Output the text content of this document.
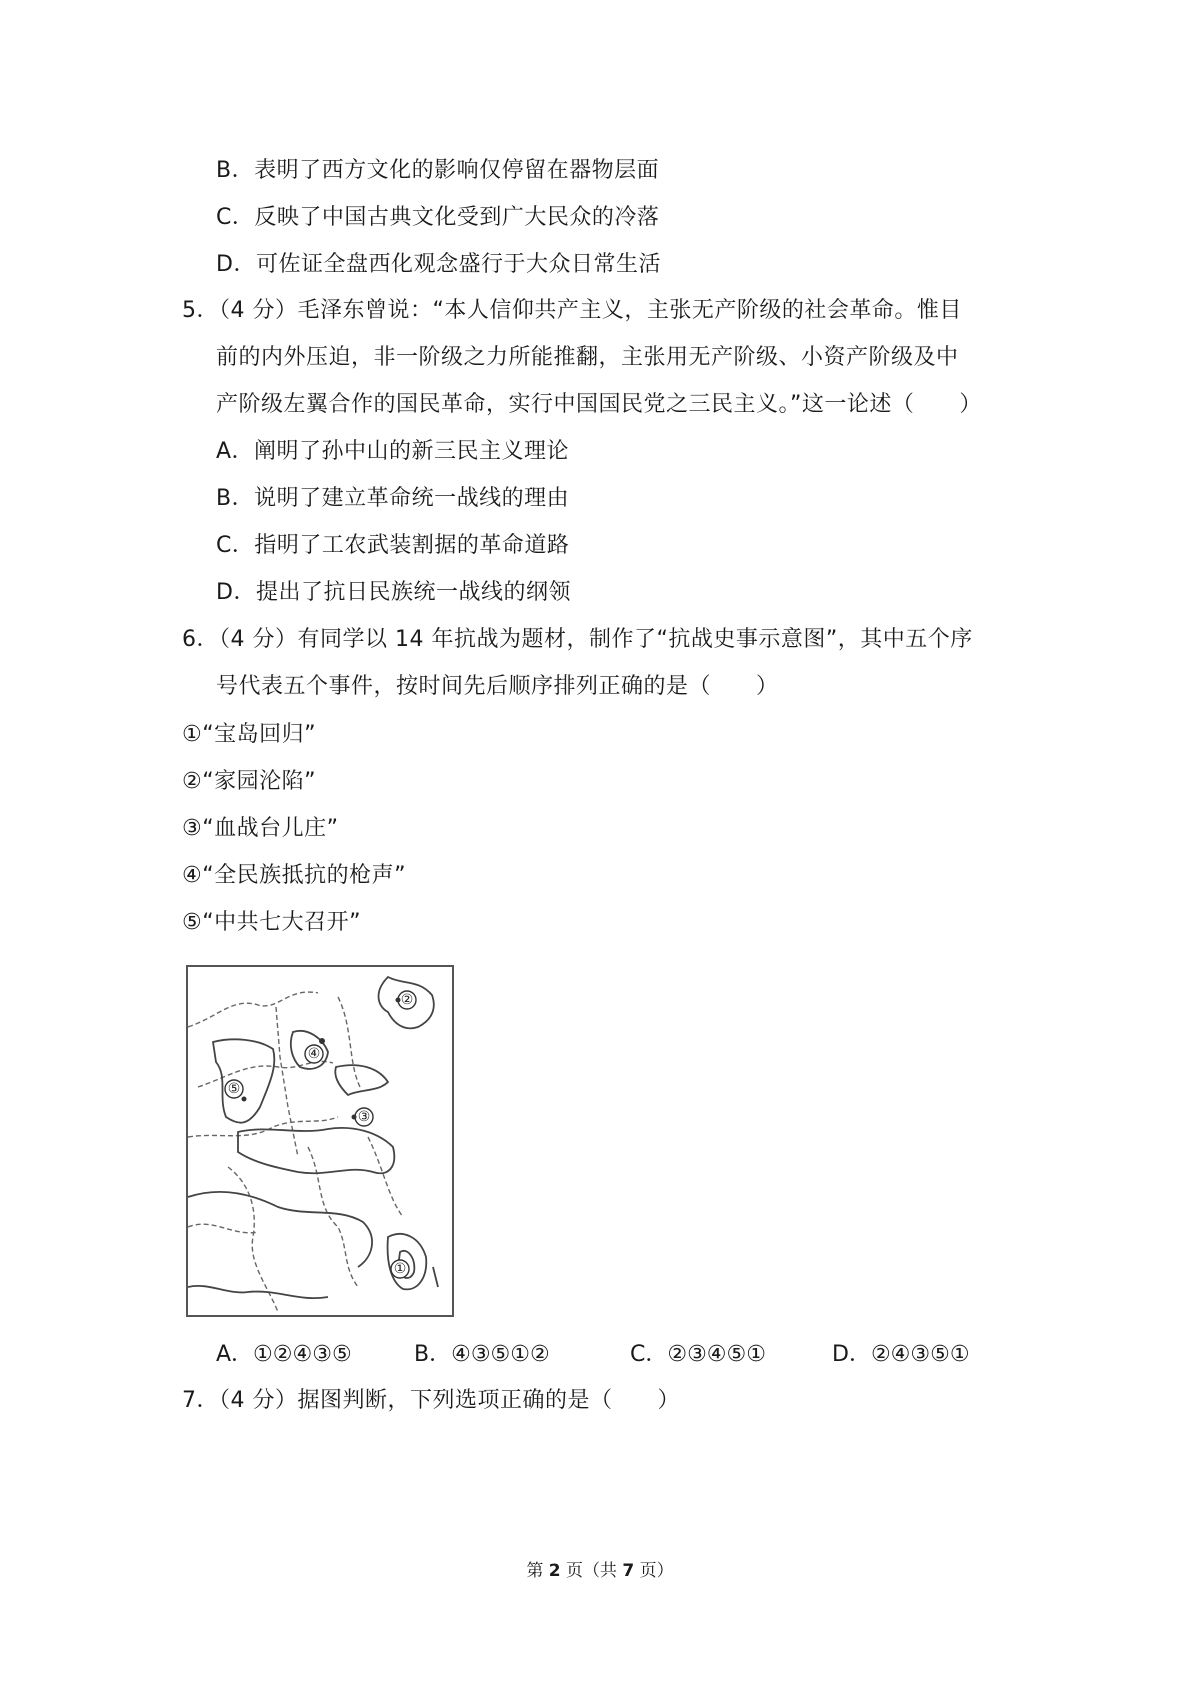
B．表明了西方文化的影响仅停留在器物层面
C．反映了中国古典文化受到广大民众的冷落
D．可佐证全盘西化观念盛行于大众日常生活
5．（4 分）毛泽东曾说：“本人信仰共产主义，主张无产阶级的社会革命。惟目
前的内外压迫，非一阶级之力所能推翻，主张用无产阶级、小资产阶级及中
产阶级左翼合作的国民革命，实行中国国民党之三民主义。”这一论述（　　）
A．阐明了孙中山的新三民主义理论
B．说明了建立革命统一战线的理由
C．指明了工农武装割据的革命道路
D．提出了抗日民族统一战线的纲领
6．（4 分）有同学以 14 年抗战为题材，制作了“抗战史事示意图”，其中五个序
号代表五个事件，按时间先后顺序排列正确的是（　　）
①“宝岛回归”
②“家园沦陷”
③“血战台儿庄”
④“全民族抵抗的枪声”
⑤“中共七大召开”
①
②
③
④
⑤
A．①②④③⑤	B．④③⑤①②	C．②③④⑤①	D．②④③⑤①
7．（4 分）据图判断，下列选项正确的是（　　）
第 2 页（共 7 页）
